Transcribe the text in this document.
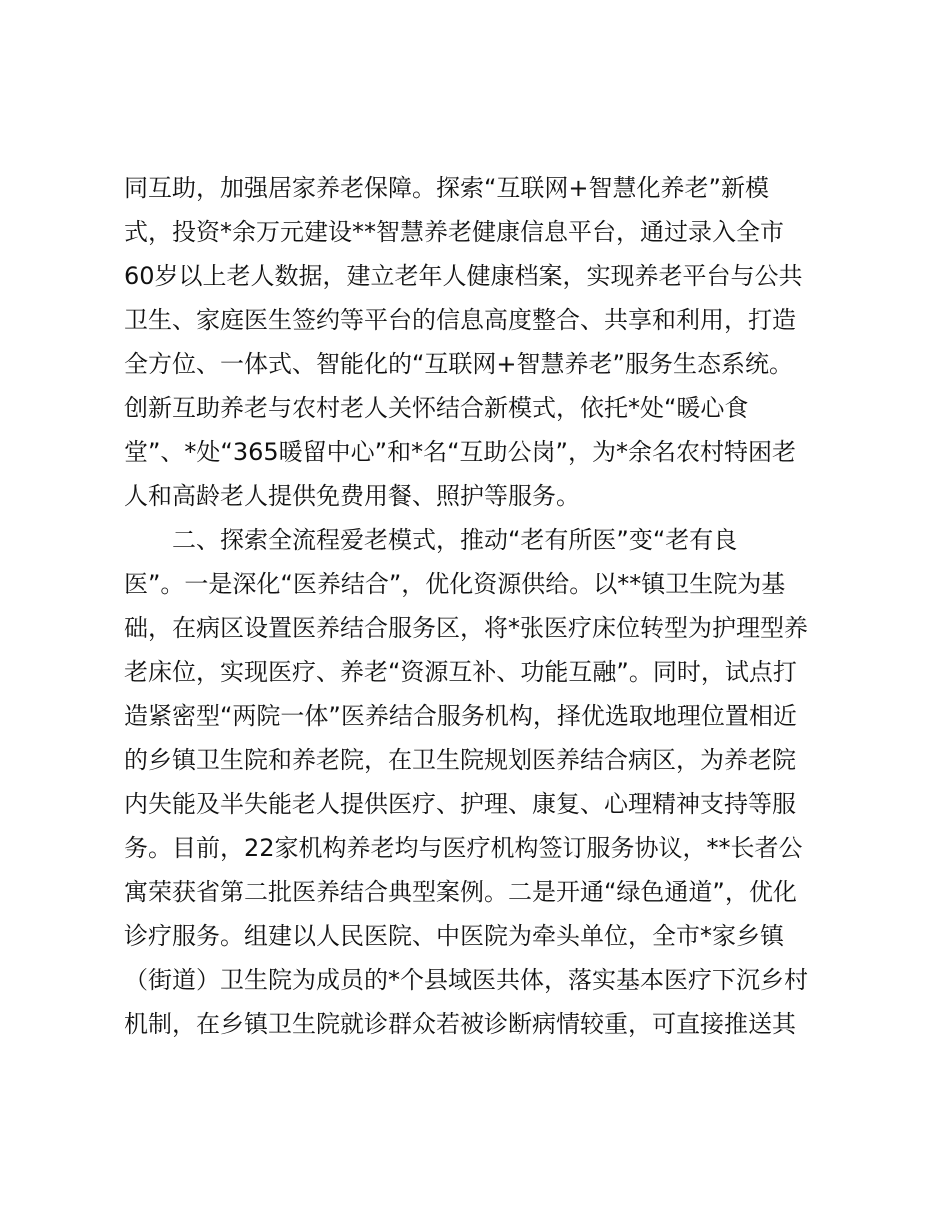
同互助，加强居家养老保障。探索“互联网+智慧化养老”新模
式，投资*余万元建设**智慧养老健康信息平台，通过录入全市
60岁以上老人数据，建立老年人健康档案，实现养老平台与公共
卫生、家庭医生签约等平台的信息高度整合、共享和利用，打造
全方位、一体式、智能化的“互联网+智慧养老”服务生态系统。
创新互助养老与农村老人关怀结合新模式，依托*处“暖心食
堂”、*处“365暖留中心”和*名“互助公岗”，为*余名农村特困老
人和高龄老人提供免费用餐、照护等服务。
二、探索全流程爱老模式，推动“老有所医”变“老有良
医”。一是深化“医养结合”，优化资源供给。以**镇卫生院为基
础，在病区设置医养结合服务区，将*张医疗床位转型为护理型养
老床位，实现医疗、养老“资源互补、功能互融”。同时，试点打
造紧密型“两院一体”医养结合服务机构，择优选取地理位置相近
的乡镇卫生院和养老院，在卫生院规划医养结合病区，为养老院
内失能及半失能老人提供医疗、护理、康复、心理精神支持等服
务。目前，22家机构养老均与医疗机构签订服务协议，**长者公
寓荣获省第二批医养结合典型案例。二是开通“绿色通道”，优化
诊疗服务。组建以人民医院、中医院为牵头单位，全市*家乡镇
（街道）卫生院为成员的*个县域医共体，落实基本医疗下沉乡村
机制，在乡镇卫生院就诊群众若被诊断病情较重，可直接推送其
